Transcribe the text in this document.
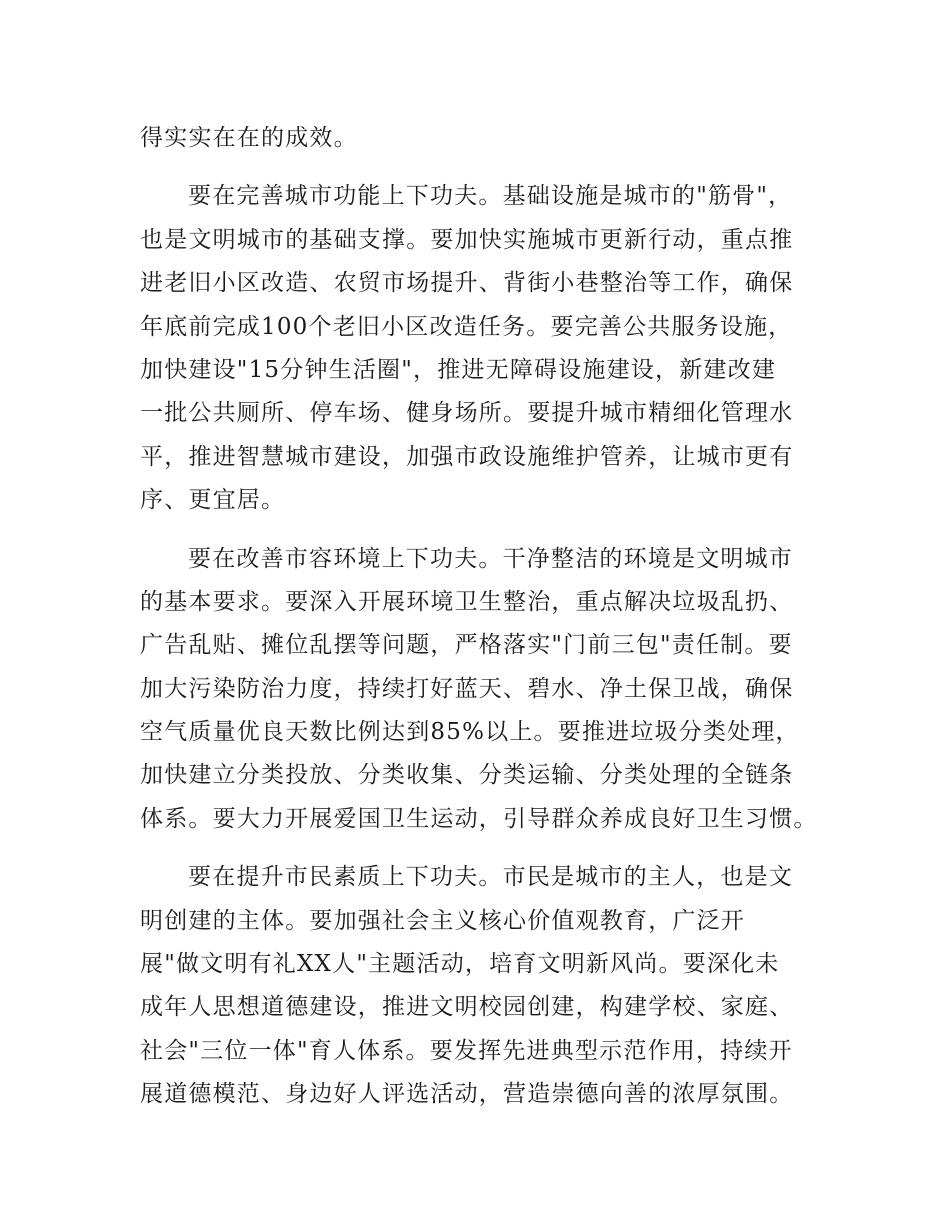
得实实在在的成效。
要在完善城市功能上下功夫。基础设施是城市的"筋骨"，
也是文明城市的基础支撑。要加快实施城市更新行动，重点推
进老旧小区改造、农贸市场提升、背街小巷整治等工作，确保
年底前完成100个老旧小区改造任务。要完善公共服务设施，
加快建设"15分钟生活圈"，推进无障碍设施建设，新建改建
一批公共厕所、停车场、健身场所。要提升城市精细化管理水
平，推进智慧城市建设，加强市政设施维护管养，让城市更有
序、更宜居。
要在改善市容环境上下功夫。干净整洁的环境是文明城市
的基本要求。要深入开展环境卫生整治，重点解决垃圾乱扔、
广告乱贴、摊位乱摆等问题，严格落实"门前三包"责任制。要
加大污染防治力度，持续打好蓝天、碧水、净土保卫战，确保
空气质量优良天数比例达到85%以上。要推进垃圾分类处理，
加快建立分类投放、分类收集、分类运输、分类处理的全链条
体系。要大力开展爱国卫生运动，引导群众养成良好卫生习惯。
要在提升市民素质上下功夫。市民是城市的主人，也是文
明创建的主体。要加强社会主义核心价值观教育，广泛开
展"做文明有礼XX人"主题活动，培育文明新风尚。要深化未
成年人思想道德建设，推进文明校园创建，构建学校、家庭、
社会"三位一体"育人体系。要发挥先进典型示范作用，持续开
展道德模范、身边好人评选活动，营造崇德向善的浓厚氛围。
